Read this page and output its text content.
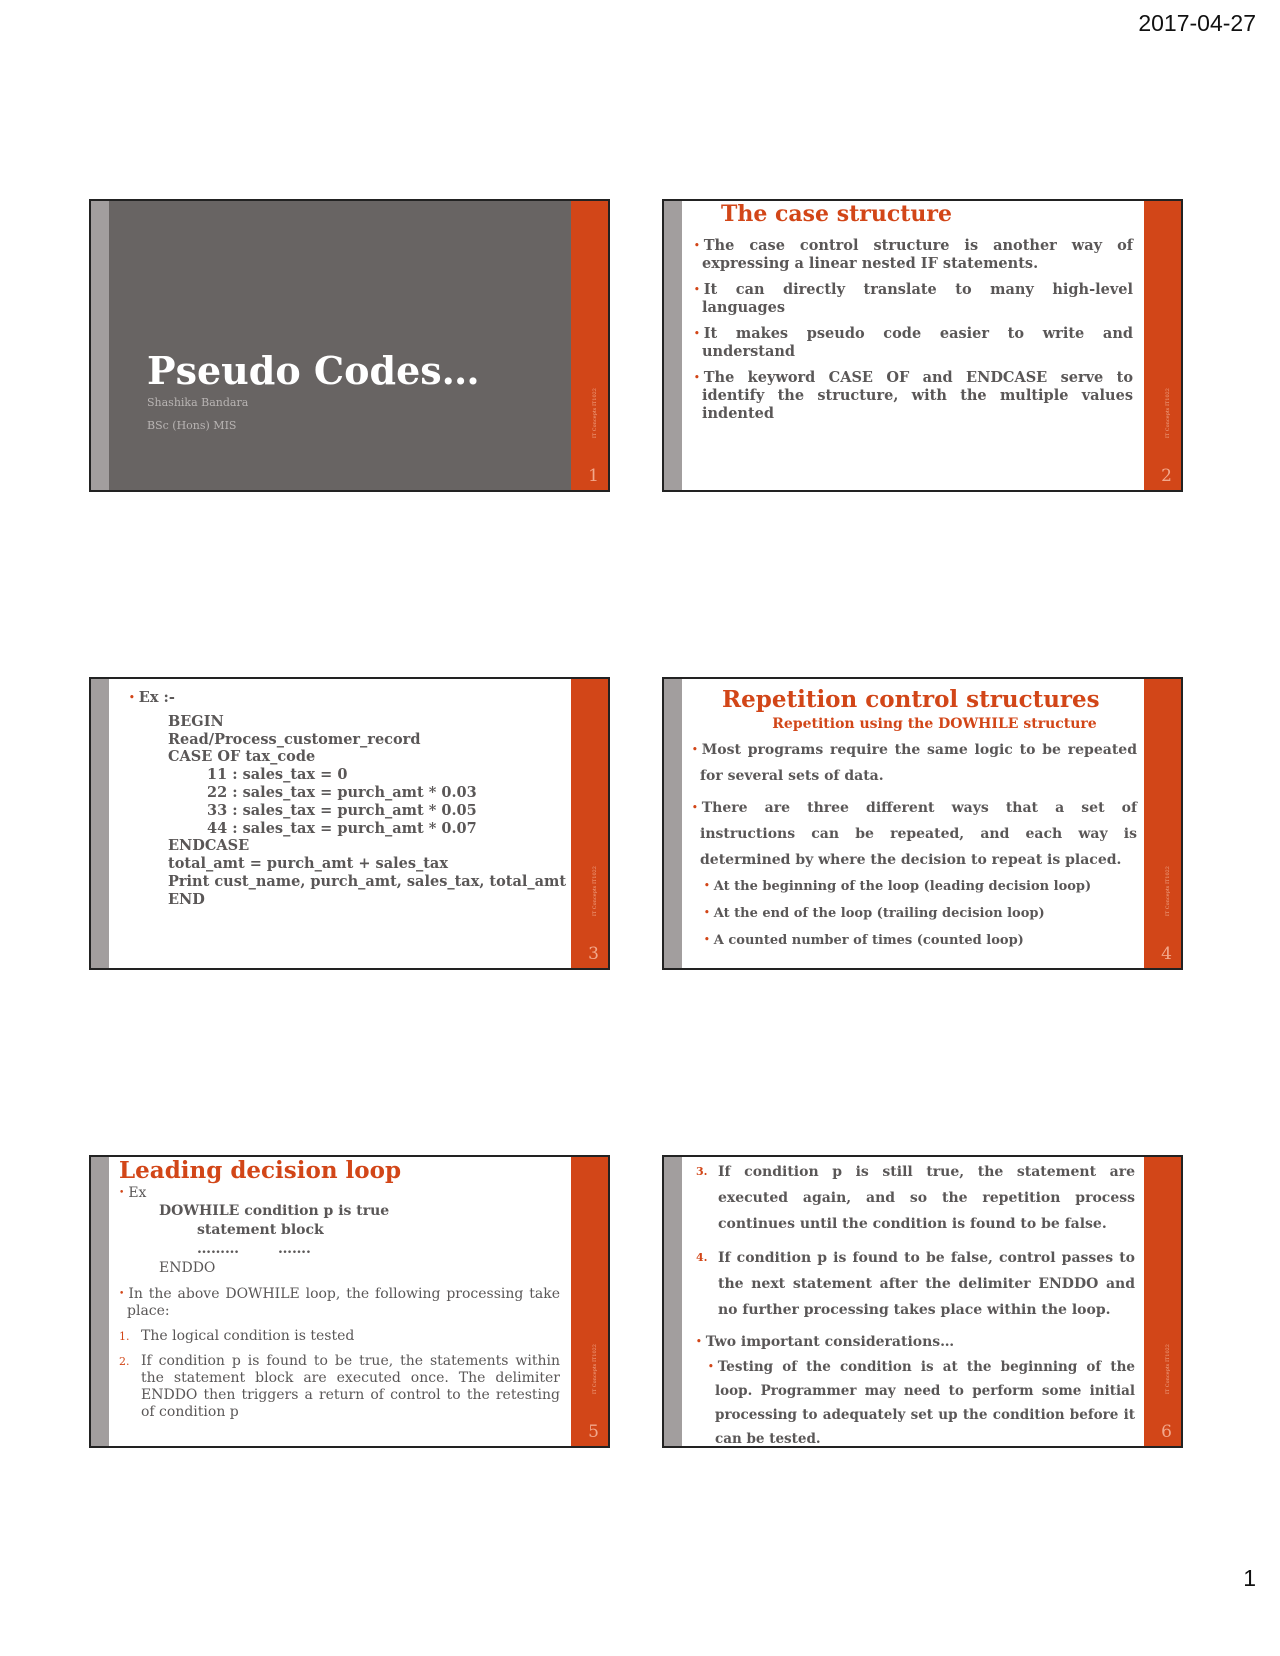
2017-04-27
Pseudo Codes…
Shashika Bandara
BSc (Hons) MIS	IT Concepts IT1022
1
The case structure
• The case control structure is another way of expressing a linear nested IF statements.
• It can directly translate to many high-level languages
• It makes pseudo code easier to write and understand
• The keyword CASE OF and ENDCASE serve to identify the structure, with the multiple values indented	IT Concepts IT1022
2
• Ex :-
BEGIN
Read/Process_customer_record
CASE OF tax_code
11 : sales_tax = 0
22 : sales_tax = purch_amt * 0.03
33 : sales_tax = purch_amt * 0.05
44 : sales_tax = purch_amt * 0.07
ENDCASE
total_amt = purch_amt + sales_tax
Print cust_name, purch_amt, sales_tax, total_amt
END	IT Concepts IT1022
3
Repetition control structures
Repetition using the DOWHILE structure
• Most programs require the same logic to be repeated for several sets of data.
• There are three different ways that a set of instructions can be repeated, and each way is determined by where the decision to repeat is placed.
• At the beginning of the loop (leading decision loop)
• At the end of the loop (trailing decision loop)
• A counted number of times (counted loop)
IT Concepts IT1022
4
Leading decision loop
• Ex
DOWHILE condition p is true
statement block
………        …….
ENDDO
• In the above DOWHILE loop, the following processing take place:
1. The logical condition is tested
2. If condition p is found to be true, the statements within the statement block are executed once. The delimiter ENDDO then triggers a return of control to the retesting of condition p
IT Concepts IT1022
5
3. If condition p is still true, the statement are executed again, and so the repetition process continues until the condition is found to be false.
4. If condition p is found to be false, control passes to the next statement after the delimiter ENDDO and no further processing takes place within the loop.
• Two important considerations…
• Testing of the condition is at the beginning of the loop. Programmer may need to perform some initial processing to adequately set up the condition before it can be tested.
IT Concepts IT1022
6
1
